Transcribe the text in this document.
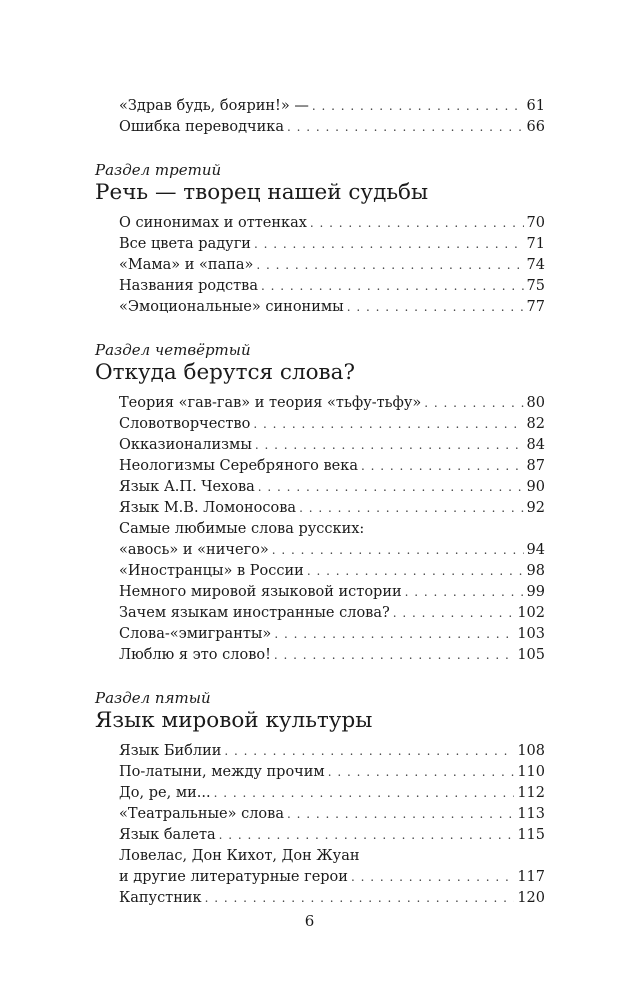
«Здрав будь, боярин!» — . . .	61
Ошибка переводчика . . .	66
Раздел третий
Речь — творец нашей судьбы
О синонимах и оттенках . . .	70
Все цвета радуги . . .	71
«Мама» и «папа» . . .	74
Названия родства . . .	75
«Эмоциональные» синонимы . . .	77
Раздел четвёртый
Откуда берутся слова?
Теория «гав-гав» и теория «тьфу-тьфу» . . .	80
Словотворчество . . .	82
Окказионализмы . . .	84
Неологизмы Серебряного века . . .	87
Язык А.П. Чехова . . .	90
Язык М.В. Ломоносова . . .	92
Самые любимые слова русских:
«авось» и «ничего» . . .	94
«Иностранцы» в России . . .	98
Немного мировой языковой истории . . .	99
Зачем языкам иностранные слова? . . .	102
Слова-«эмигранты» . . .	103
Люблю я это слово! . . .	105
Раздел пятый
Язык мировой культуры
Язык Библии . . .	108
По-латыни, между прочим . . .	110
До, ре, ми... . . .	112
«Театральные» слова . . .	113
Язык балета . . .	115
Ловелас, Дон Кихот, Дон Жуан
и другие литературные герои . . .	117
Капустник . . .	120
6
